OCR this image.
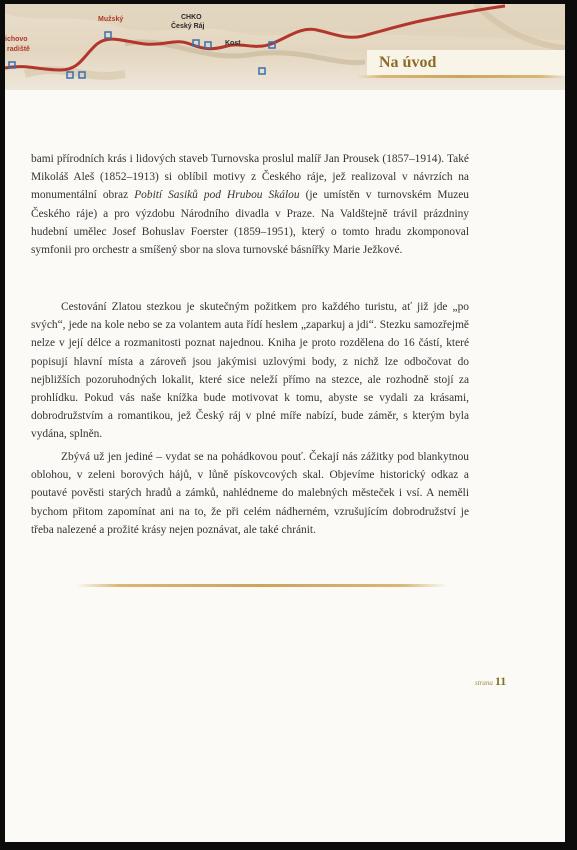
ichovo
radiště
Mužský	CHKO
Český Ráj
Kost
Na úvod

bami přírodních krás i lidových staveb Turnovska proslul malíř Jan Prousek (1857–1914). Také Mikoláš Aleš (1852–1913) si oblíbil motivy z Českého ráje, jež realizoval v návrzích na monumentální obraz Pobití Sasiků pod Hrubou Skálou (je umístěn v turnovském Muzeu Českého ráje) a pro výzdobu Národního divadla v Praze. Na Valdštejně trávil prázdniny hudební umělec Josef Bohuslav Foerster (1859–1951), který o tomto hradu zkomponoval symfonii pro orchestr a smíšený sbor na slova turnovské básnířky Marie Ježkové.

Cestování Zlatou stezkou je skutečným požitkem pro každého turistu, ať již jde „po svých“, jede na kole nebo se za volantem auta řídí heslem „zaparkuj a jdi“. Stezku samozřejmě nelze v její délce a rozmanitosti poznat najednou. Kniha je proto rozdělena do 16 částí, které popisují hlavní místa a zároveň jsou jakýmisi uzlovými body, z nichž lze odbočovat do nejbližších pozoruhodných lokalit, které sice neleží přímo na stezce, ale rozhodně stojí za prohlídku. Pokud vás naše knížka bude motivovat k tomu, abyste se vydali za krásami, dobrodružstvím a romantikou, jež Český ráj v plné míře nabízí, bude záměr, s kterým byla vydána, splněn.

Zbývá už jen jediné – vydat se na pohádkovou pouť. Čekají nás zážitky pod blankytnou oblohou, v zeleni borových hájů, v lůně pískovcových skal. Objevíme historický odkaz a poutavé pověsti starých hradů a zámků, nahlédneme do malebných městeček i vsí. A neměli bychom přitom zapomínat ani na to, že při celém nádherném, vzrušujícím dobrodružství je třeba nalezené a prožité krásy nejen poznávat, ale také chránit.

strana 11
